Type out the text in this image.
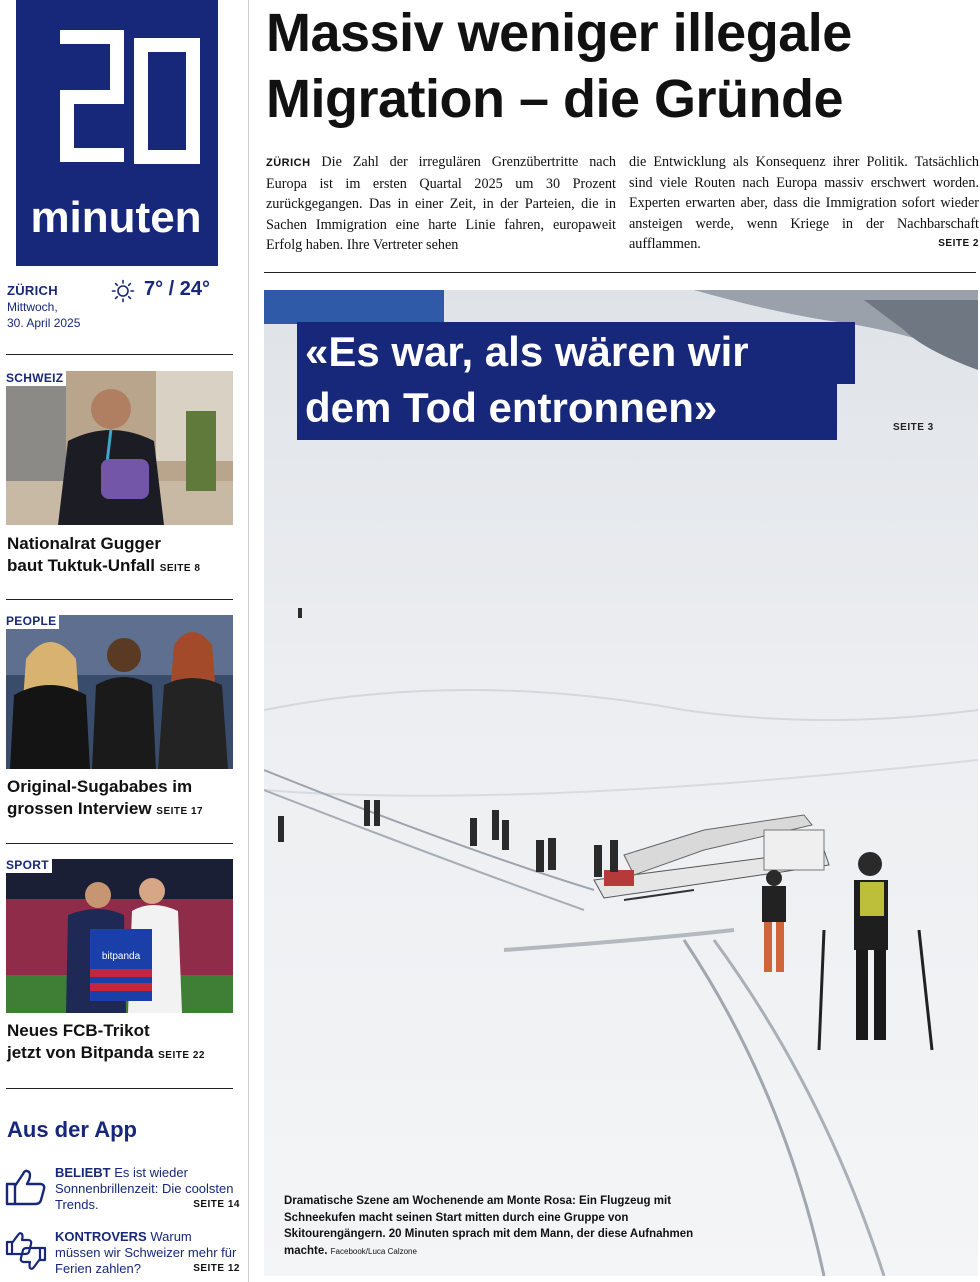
minuten
ZÜRICH
Mittwoch,
30. April 2025
7° / 24°
SCHWEIZ
Nationalrat Gugger
baut Tuktuk-Unfall SEITE 8
PEOPLE
Original-Sugababes im
grossen Interview SEITE 17
bitpanda
SPORT
Neues FCB-Trikot
jetzt von Bitpanda SEITE 22
Aus der App
BELIEBT Es ist wieder Sonnenbrillenzeit: Die coolsten Trends.	SEITE 14
KONTROVERS Warum müssen wir Schweizer mehr für Ferien zahlen?	SEITE 12
Massiv weniger illegale
Migration – die Gründe
ZÜRICH Die Zahl der irregulären Grenzübertritte nach Europa ist im ersten Quartal 2025 um 30 Prozent zurückgegangen. Das in einer Zeit, in der Parteien, die in Sachen Immigration eine harte Linie fahren, europaweit Erfolg haben. Ihre Vertreter sehen
die Entwicklung als Konsequenz ihrer Politik. Tatsächlich sind viele Routen nach Europa massiv erschwert worden. Experten erwarten aber, dass die Immigration sofort wieder ansteigen werde, wenn Kriege in der Nachbarschaft aufflammen.	SEITE 2
«Es war, als wären wir
dem Tod entronnen»	SEITE 3
Dramatische Szene am Wochenende am Monte Rosa: Ein Flugzeug mit Schneekufen macht seinen Start mitten durch eine Gruppe von Skitourengängern. 20 Minuten sprach mit dem Mann, der diese Aufnahmen machte. Facebook/Luca Calzone
